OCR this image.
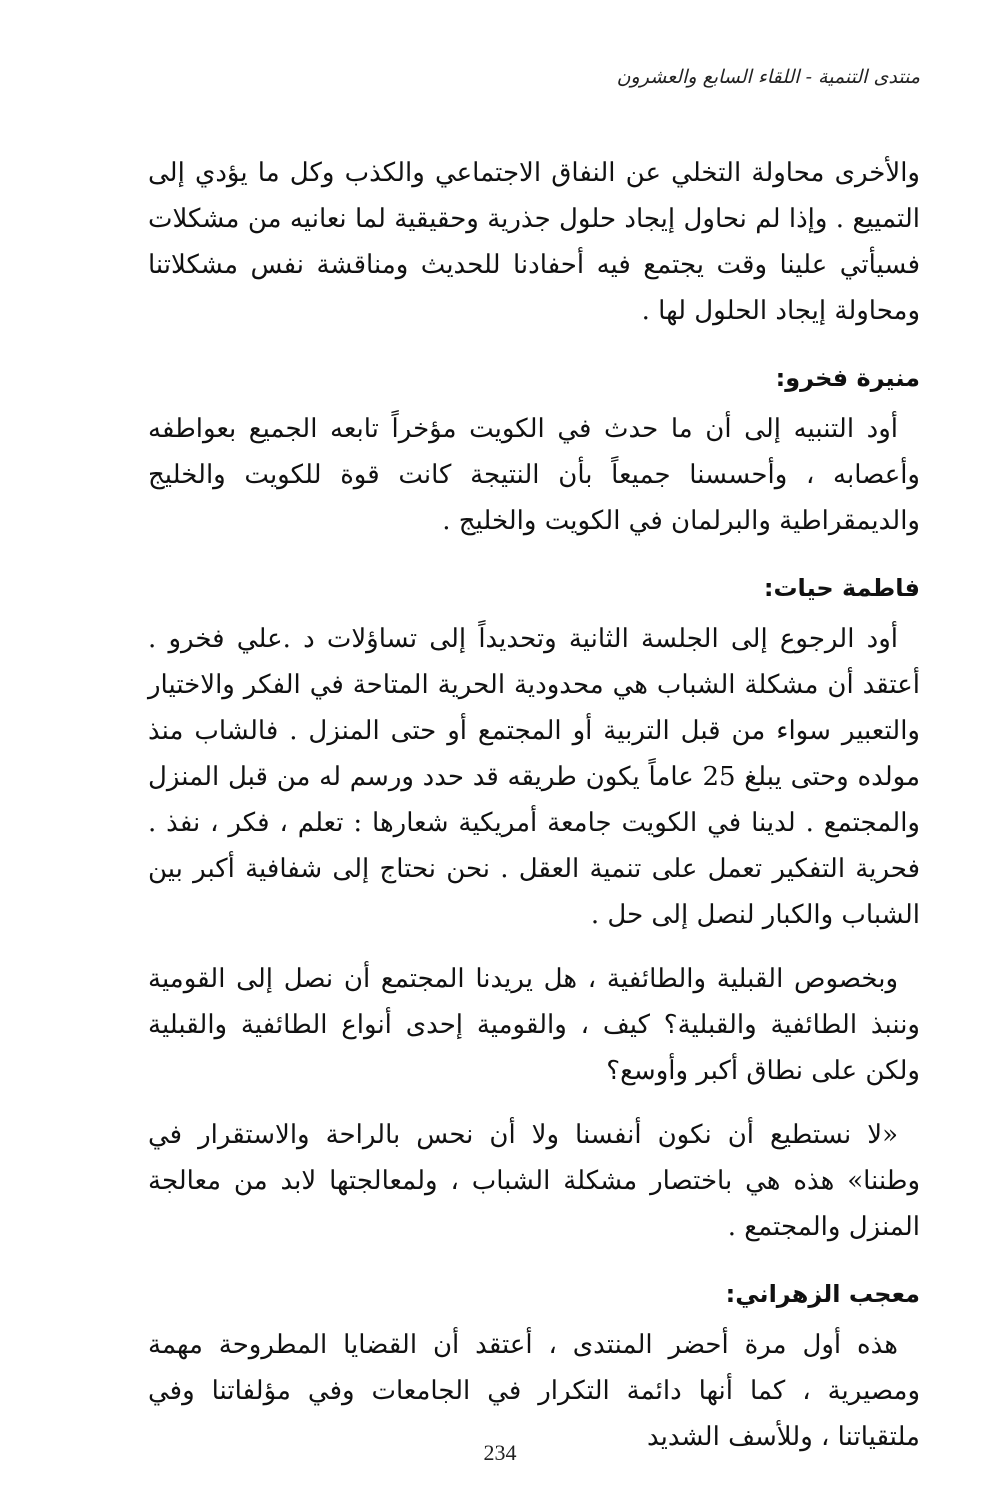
منتدى التنمية - اللقاء السابع والعشرون

والأخرى محاولة التخلي عن النفاق الاجتماعي والكذب وكل ما يؤدي إلى التمييع . وإذا لم نحاول إيجاد حلول جذرية وحقيقية لما نعانيه من مشكلات فسيأتي علينا وقت يجتمع فيه أحفادنا للحديث ومناقشة نفس مشكلاتنا ومحاولة إيجاد الحلول لها .

منيرة فخرو:

أود التنبيه إلى أن ما حدث في الكويت مؤخراً تابعه الجميع بعواطفه وأعصابه ، وأحسسنا جميعاً بأن النتيجة كانت قوة للكويت والخليج والديمقراطية والبرلمان في الكويت والخليج .

فاطمة حيات:

أود الرجوع إلى الجلسة الثانية وتحديداً إلى تساؤلات د .علي فخرو . أعتقد أن مشكلة الشباب هي محدودية الحرية المتاحة في الفكر والاختيار والتعبير سواء من قبل التربية أو المجتمع أو حتى المنزل . فالشاب منذ مولده وحتى يبلغ 25 عاماً يكون طريقه قد حدد ورسم له من قبل المنزل والمجتمع . لدينا في الكويت جامعة أمريكية شعارها : تعلم ، فكر ، نفذ . فحرية التفكير تعمل على تنمية العقل . نحن نحتاج إلى شفافية أكبر بين الشباب والكبار لنصل إلى حل .

وبخصوص القبلية والطائفية ، هل يريدنا المجتمع أن نصل إلى القومية وننبذ الطائفية والقبلية؟ كيف ، والقومية إحدى أنواع الطائفية والقبلية ولكن على نطاق أكبر وأوسع؟

«لا نستطيع أن نكون أنفسنا ولا أن نحس بالراحة والاستقرار في وطننا» هذه هي باختصار مشكلة الشباب ، ولمعالجتها لابد من معالجة المنزل والمجتمع .

معجب الزهراني:

هذه أول مرة أحضر المنتدى ، أعتقد أن القضايا المطروحة مهمة ومصيرية ، كما أنها دائمة التكرار في الجامعات وفي مؤلفاتنا وفي ملتقياتنا ، وللأسف الشديد

234
